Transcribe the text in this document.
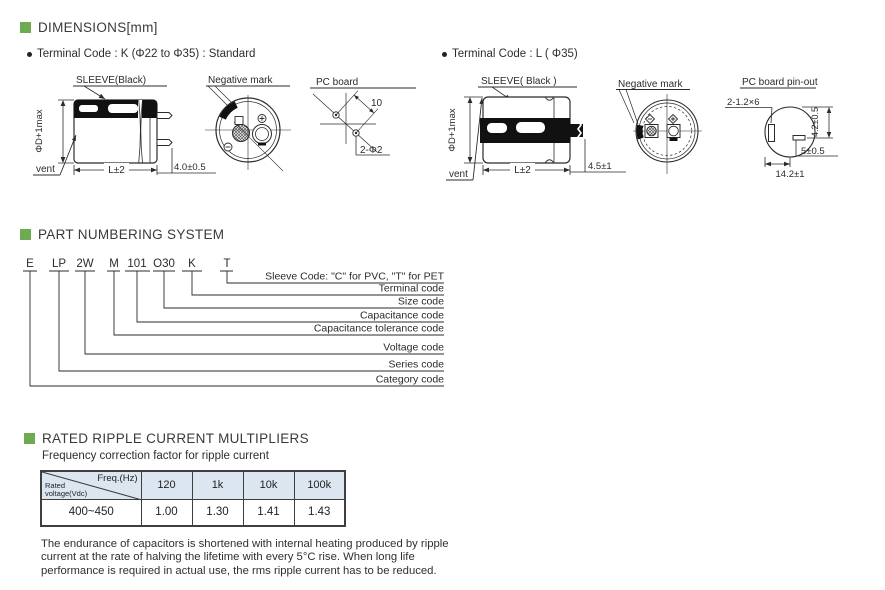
DIMENSIONS[mm]
Terminal Code : K (Φ22 to Φ35) : Standard	Terminal Code : L ( Φ35)
SLEEVE(Black)
ΦD+1max
L±2	4.0±0.5
vent
Negative mark	PC board
10
2-Φ2
SLEEVE( Black )
ΦD+1max
L±2	4.5±1
vent
Negative mark	PC board pin-out
2-1.2×6
4.2±0.5
5±0.5
14.2±1
PART NUMBERING SYSTEM
E LP 2W M 101 O30 K T
Sleeve Code: "C" for PVC, "T" for PET
Terminal code
Size code
Capacitance code
Capacitance tolerance code
Voltage code
Series code
Category code
RATED RIPPLE CURRENT MULTIPLIERS
Frequency correction factor for ripple current
Freq.(Hz)
Rated
voltage(Vdc)	120	1k	10k	100k
400~450	1.00	1.30	1.41	1.43
The endurance of capacitors is shortened with internal heating produced by ripple
current at the rate of halving the lifetime with every 5°C rise. When long life
performance is required in actual use, the rms ripple current has to be reduced.
